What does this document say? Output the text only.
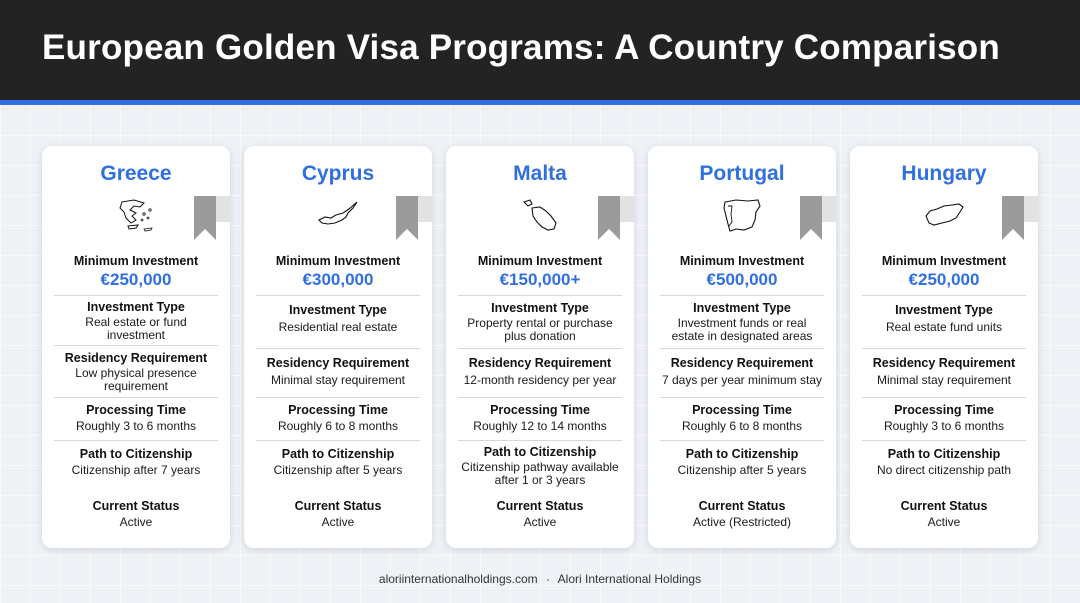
European Golden Visa Programs: A Country Comparison
Greece
Minimum Investment
€250,000
Investment Type
Real estate or fund
investment
Residency Requirement
Low physical presence
requirement
Processing Time
Roughly 3 to 6 months
Path to Citizenship
Citizenship after 7 years
Current Status
Active
Cyprus
Minimum Investment
€300,000
Investment Type
Residential real estate
Residency Requirement
Minimal stay requirement
Processing Time
Roughly 6 to 8 months
Path to Citizenship
Citizenship after 5 years
Current Status
Active
Malta
Minimum Investment
€150,000+
Investment Type
Property rental or purchase
plus donation
Residency Requirement
12-month residency per year
Processing Time
Roughly 12 to 14 months
Path to Citizenship
Citizenship pathway available
after 1 or 3 years
Current Status
Active
Portugal
Minimum Investment
€500,000
Investment Type
Investment funds or real
estate in designated areas
Residency Requirement
7 days per year minimum stay
Processing Time
Roughly 6 to 8 months
Path to Citizenship
Citizenship after 5 years
Current Status
Active (Restricted)
Hungary
Minimum Investment
€250,000
Investment Type
Real estate fund units
Residency Requirement
Minimal stay requirement
Processing Time
Roughly 3 to 6 months
Path to Citizenship
No direct citizenship path
Current Status
Active
aloriinternationalholdings.com · Alori International Holdings
